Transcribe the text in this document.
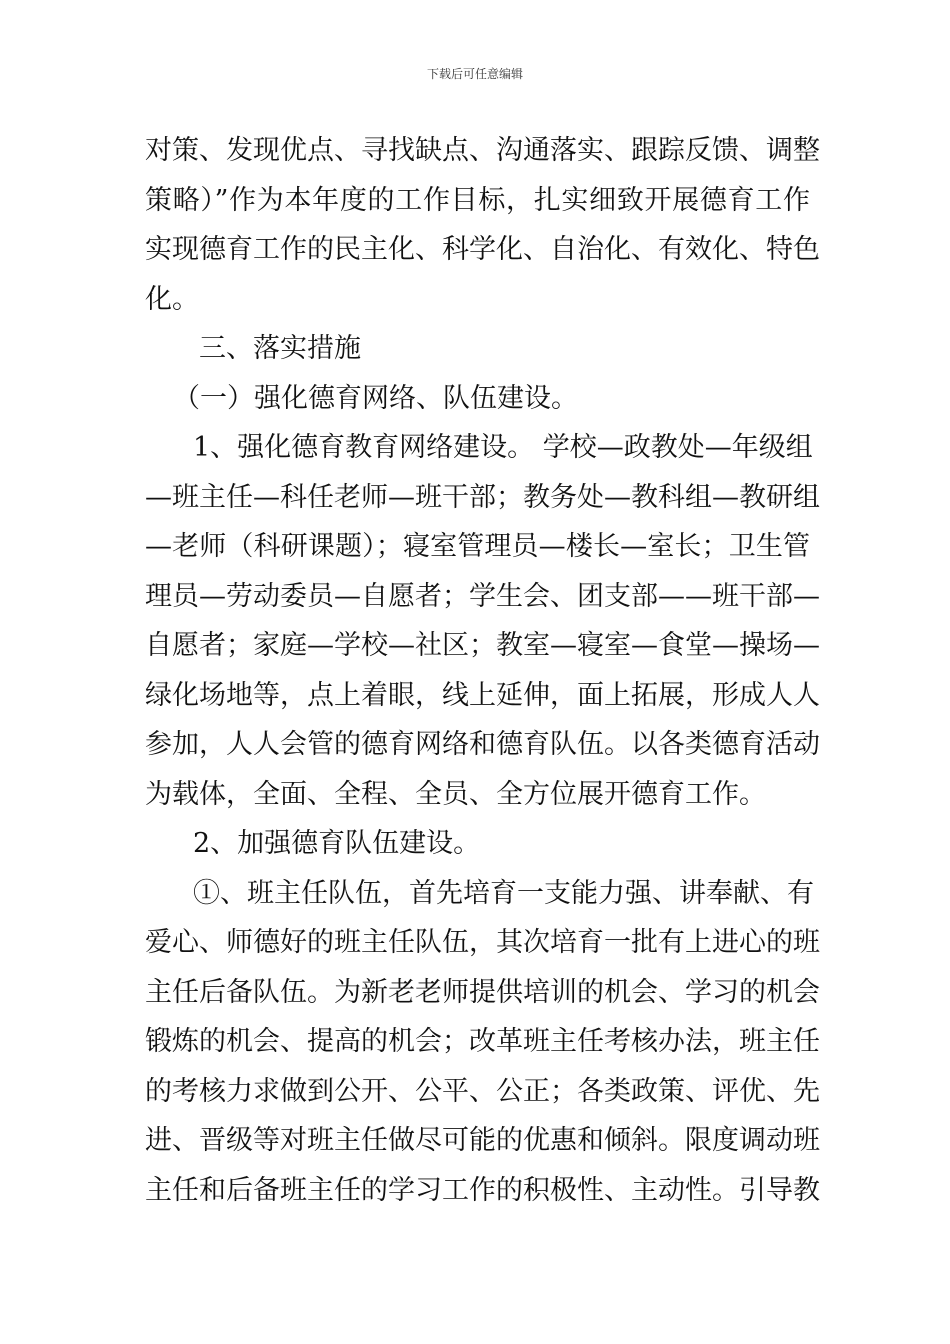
下载后可任意编辑
对策、发现优点、寻找缺点、沟通落实、跟踪反馈、调整
策略）”作为本年度的工作目标，扎实细致开展德育工作
实现德育工作的民主化、科学化、自治化、有效化、特色
化。
三、落实措施
（一）强化德育网络、队伍建设。
1、强化德育教育网络建设。 学校—政教处—年级组
—班主任—科任老师—班干部；教务处—教科组—教研组
—老师（科研课题）；寝室管理员—楼长—室长；卫生管
理员—劳动委员—自愿者；学生会、团支部——班干部—
自愿者；家庭—学校—社区；教室—寝室—食堂—操场—
绿化场地等，点上着眼，线上延伸，面上拓展，形成人人
参加，人人会管的德育网络和德育队伍。以各类德育活动
为载体，全面、全程、全员、全方位展开德育工作。
2、加强德育队伍建设。
①、班主任队伍，首先培育一支能力强、讲奉献、有
爱心、师德好的班主任队伍，其次培育一批有上进心的班
主任后备队伍。为新老老师提供培训的机会、学习的机会
锻炼的机会、提高的机会；改革班主任考核办法，班主任
的考核力求做到公开、公平、公正；各类政策、评优、先
进、晋级等对班主任做尽可能的优惠和倾斜。限度调动班
主任和后备班主任的学习工作的积极性、主动性。引导教
